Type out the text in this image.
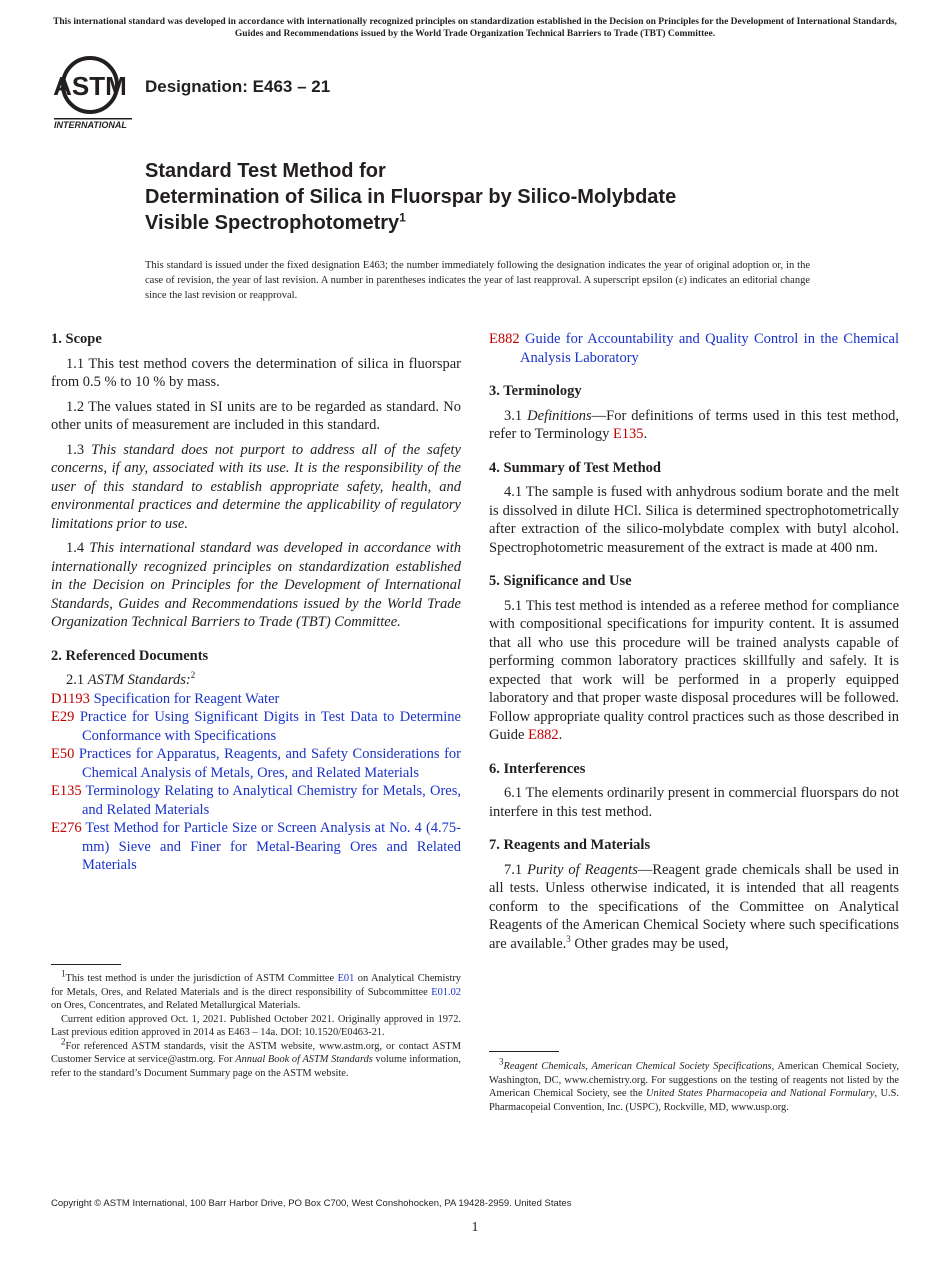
This international standard was developed in accordance with internationally recognized principles on standardization established in the Decision on Principles for the Development of International Standards, Guides and Recommendations issued by the World Trade Organization Technical Barriers to Trade (TBT) Committee.
ASTM
INTERNATIONAL
Designation: E463 – 21
Standard Test Method for
Determination of Silica in Fluorspar by Silico-Molybdate
Visible Spectrophotometry$^1$
This standard is issued under the fixed designation E463; the number immediately following the designation indicates the year of original adoption or, in the case of revision, the year of last revision. A number in parentheses indicates the year of last reapproval. A superscript epsilon (ε) indicates an editorial change since the last revision or reapproval.
1. Scope

1.1 This test method covers the determination of silica in fluorspar from 0.5 % to 10 % by mass.

1.2 The values stated in SI units are to be regarded as standard. No other units of measurement are included in this standard.

1.3 This standard does not purport to address all of the safety concerns, if any, associated with its use. It is the responsibility of the user of this standard to establish appropriate safety, health, and environmental practices and determine the applicability of regulatory limitations prior to use.

1.4 This international standard was developed in accordance with internationally recognized principles on standardization established in the Decision on Principles for the Development of International Standards, Guides and Recommendations issued by the World Trade Organization Technical Barriers to Trade (TBT) Committee.

2. Referenced Documents

2.1 ASTM Standards:$^2$

D1193 Specification for Reagent Water
E29 Practice for Using Significant Digits in Test Data to Determine Conformance with Specifications
E50 Practices for Apparatus, Reagents, and Safety Considerations for Chemical Analysis of Metals, Ores, and Related Materials
E135 Terminology Relating to Analytical Chemistry for Metals, Ores, and Related Materials
E276 Test Method for Particle Size or Screen Analysis at No. 4 (4.75-mm) Sieve and Finer for Metal-Bearing Ores and Related Materials
E882 Guide for Accountability and Quality Control in the Chemical Analysis Laboratory
3. Terminology

3.1 Definitions—For definitions of terms used in this test method, refer to Terminology E135.

4. Summary of Test Method

4.1 The sample is fused with anhydrous sodium borate and the melt is dissolved in dilute HCl. Silica is determined spectrophotometrically after extraction of the silico-molybdate complex with butyl alcohol. Spectrophotometric measurement of the extract is made at 400 nm.

5. Significance and Use

5.1 This test method is intended as a referee method for compliance with compositional specifications for impurity content. It is assumed that all who use this procedure will be trained analysts capable of performing common laboratory practices skillfully and safely. It is expected that work will be performed in a properly equipped laboratory and that proper waste disposal procedures will be followed. Follow appropriate quality control practices such as those described in Guide E882.

6. Interferences

6.1 The elements ordinarily present in commercial fluorspars do not interfere in this test method.

7. Reagents and Materials

7.1 Purity of Reagents—Reagent grade chemicals shall be used in all tests. Unless otherwise indicated, it is intended that all reagents conform to the specifications of the Committee on Analytical Reagents of the American Chemical Society where such specifications are available.$^3$ Other grades may be used,

$^1$This test method is under the jurisdiction of ASTM Committee E01 on Analytical Chemistry for Metals, Ores, and Related Materials and is the direct responsibility of Subcommittee E01.02 on Ores, Concentrates, and Related Metallurgical Materials.

Current edition approved Oct. 1, 2021. Published October 2021. Originally approved in 1972. Last previous edition approved in 2014 as E463 – 14a. DOI: 10.1520/E0463-21.

$^2$For referenced ASTM standards, visit the ASTM website, www.astm.org, or contact ASTM Customer Service at service@astm.org. For Annual Book of ASTM Standards volume information, refer to the standard’s Document Summary page on the ASTM website.

$^3$Reagent Chemicals, American Chemical Society Specifications, American Chemical Society, Washington, DC, www.chemistry.org. For suggestions on the testing of reagents not listed by the American Chemical Society, see the United States Pharmacopeia and National Formulary, U.S. Pharmacopeial Convention, Inc. (USPC), Rockville, MD, www.usp.org.

Copyright © ASTM International, 100 Barr Harbor Drive, PO Box C700, West Conshohocken, PA 19428-2959. United States
1
